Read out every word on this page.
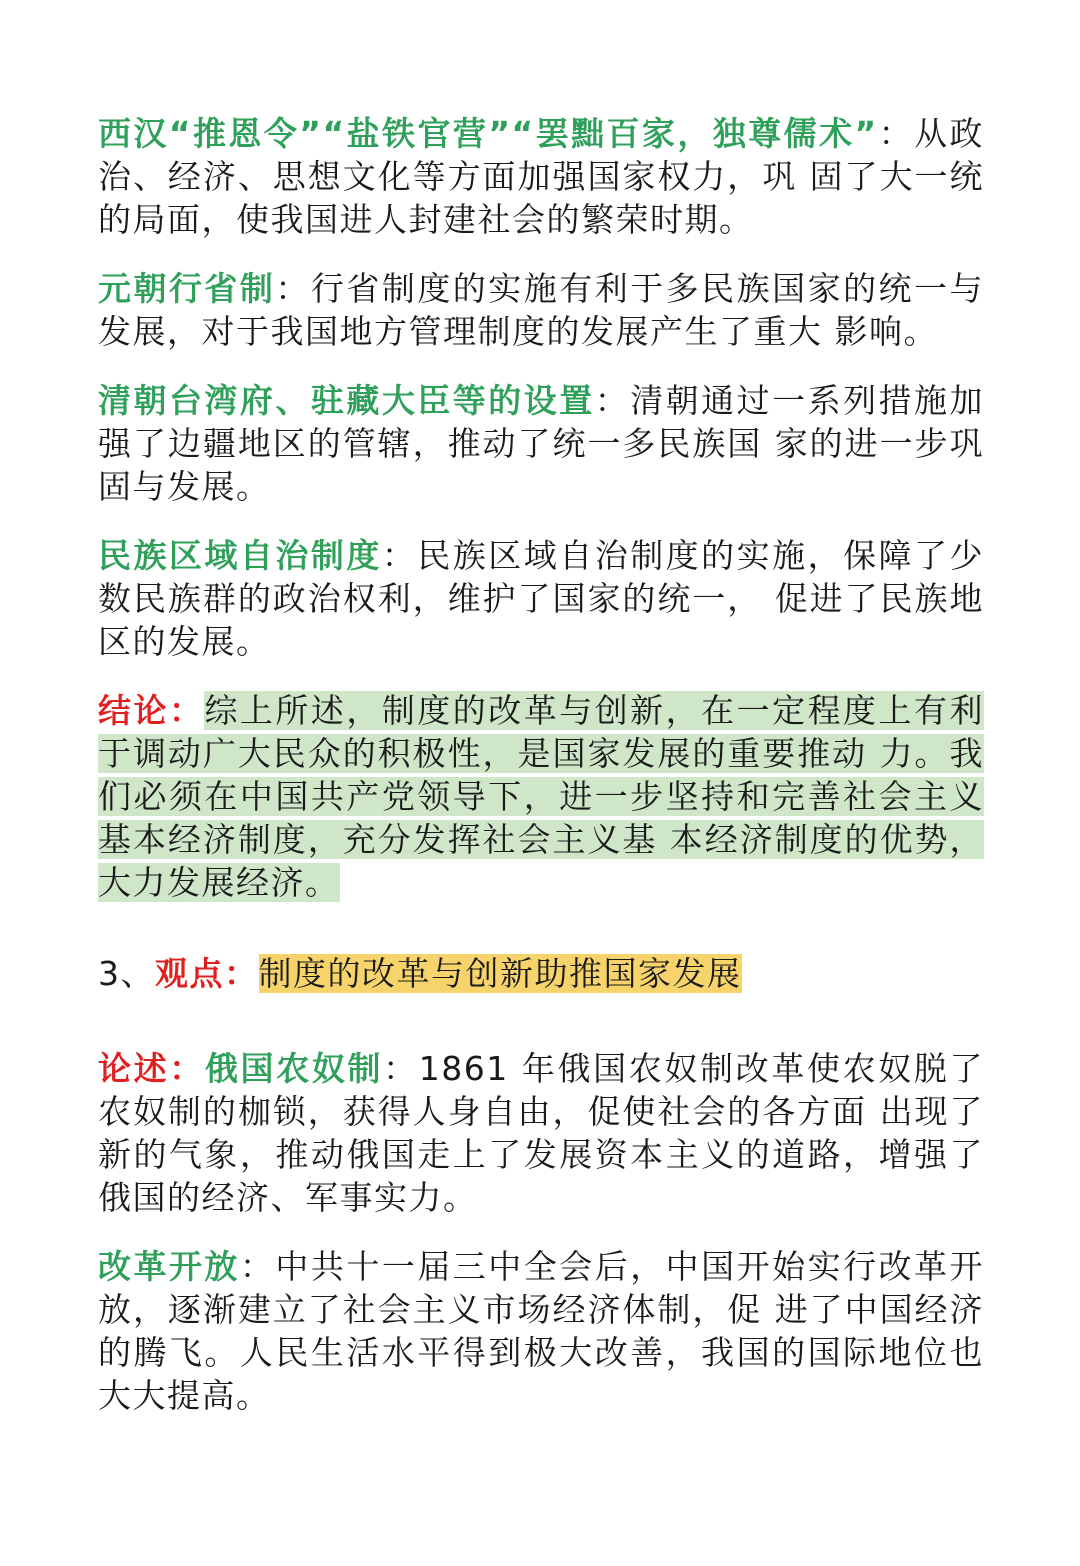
西汉“推恩令”“盐铁官营”“罢黜百家，独尊儒术”：从政治、经济、思想文化等方面加强国家权力，巩 固了大一统的局面，使我国进人封建社会的繁荣时期。

元朝行省制：行省制度的实施有利于多民族国家的统一与发展，对于我国地方管理制度的发展产生了重大 影响。

清朝台湾府、驻藏大臣等的设置：清朝通过一系列措施加强了边疆地区的管辖，推动了统一多民族国 家的进一步巩固与发展。

民族区域自治制度：民族区域自治制度的实施，保障了少数民族群的政治权利，维护了国家的统一， 促进了民族地区的发展。

结论：综上所述，制度的改革与创新，在一定程度上有利于调动广大民众的积极性，是国家发展的重要推动 力。我们必须在中国共产党领导下，进一步坚持和完善社会主义基本经济制度，充分发挥社会主义基 本经济制度的优势，大力发展经济。

3、观点：制度的改革与创新助推国家发展

论述：俄国农奴制：1861 年俄国农奴制改革使农奴脱了农奴制的枷锁，获得人身自由，促使社会的各方面 出现了新的气象，推动俄国走上了发展资本主义的道路，增强了俄国的经济、军事实力。

改革开放：中共十一届三中全会后，中国开始实行改革开放，逐渐建立了社会主义市场经济体制，促 进了中国经济的腾飞。人民生活水平得到极大改善，我国的国际地位也大大提高。
